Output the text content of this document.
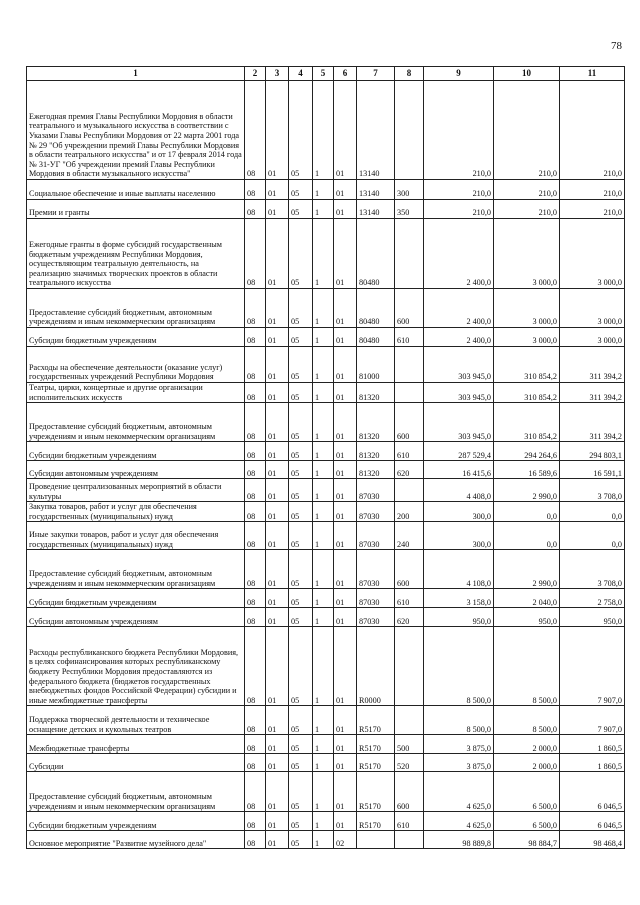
78
1	2	3	4	5	6	7	8	9	10	11
Ежегодная премия Главы Республики Мордовия в области театрального и музыкального искусства в соответствии с Указами Главы Республики Мордовия от 22 марта 2001 года № 29 "Об учреждении премий Главы Республики Мордовия в области театрального искусства" и от 17 февраля 2014 года № 31-УГ "Об учреждении премий Главы Республики Мордовия в области музыкального искусства"	08	01	05	1	01	13140		210,0	210,0	210,0
Социальное обеспечение и иные выплаты населению	08	01	05	1	01	13140	300	210,0	210,0	210,0
Премии и гранты	08	01	05	1	01	13140	350	210,0	210,0	210,0
Ежегодные гранты в форме субсидий государственным бюджетным учреждениям Республики Мордовия, осуществляющим театральную деятельность, на реализацию значимых творческих проектов в области театрального искусства	08	01	05	1	01	80480		2 400,0	3 000,0	3 000,0
Предоставление субсидий бюджетным, автономным учреждениям и иным некоммерческим организациям	08	01	05	1	01	80480	600	2 400,0	3 000,0	3 000,0
Субсидии бюджетным учреждениям	08	01	05	1	01	80480	610	2 400,0	3 000,0	3 000,0
Расходы на обеспечение деятельности (оказание услуг) государственных учреждений Республики Мордовия	08	01	05	1	01	81000		303 945,0	310 854,2	311 394,2
Театры, цирки, концертные и другие организации исполнительских искусств	08	01	05	1	01	81320		303 945,0	310 854,2	311 394,2
Предоставление субсидий бюджетным, автономным учреждениям и иным некоммерческим организациям	08	01	05	1	01	81320	600	303 945,0	310 854,2	311 394,2
Субсидии бюджетным учреждениям	08	01	05	1	01	81320	610	287 529,4	294 264,6	294 803,1
Субсидии автономным учреждениям	08	01	05	1	01	81320	620	16 415,6	16 589,6	16 591,1
Проведение централизованных мероприятий в области культуры	08	01	05	1	01	87030		4 408,0	2 990,0	3 708,0
Закупка товаров, работ и услуг для обеспечения государственных (муниципальных) нужд	08	01	05	1	01	87030	200	300,0	0,0	0,0
Иные закупки товаров, работ и услуг для обеспечения государственных (муниципальных) нужд	08	01	05	1	01	87030	240	300,0	0,0	0,0
Предоставление субсидий бюджетным, автономным учреждениям и иным некоммерческим организациям	08	01	05	1	01	87030	600	4 108,0	2 990,0	3 708,0
Субсидии бюджетным учреждениям	08	01	05	1	01	87030	610	3 158,0	2 040,0	2 758,0
Субсидии автономным учреждениям	08	01	05	1	01	87030	620	950,0	950,0	950,0
Расходы республиканского бюджета Республики Мордовия, в целях софинансирования которых республиканскому бюджету Республики Мордовия предоставляются из федерального бюджета (бюджетов государственных внебюджетных фондов Российской Федерации) субсидии и иные межбюджетные трансферты	08	01	05	1	01	R0000		8 500,0	8 500,0	7 907,0
Поддержка творческой деятельности и техническое оснащение детских и кукольных театров	08	01	05	1	01	R5170		8 500,0	8 500,0	7 907,0
Межбюджетные трансферты	08	01	05	1	01	R5170	500	3 875,0	2 000,0	1 860,5
Субсидии	08	01	05	1	01	R5170	520	3 875,0	2 000,0	1 860,5
Предоставление субсидий бюджетным, автономным учреждениям и иным некоммерческим организациям	08	01	05	1	01	R5170	600	4 625,0	6 500,0	6 046,5
Субсидии бюджетным учреждениям	08	01	05	1	01	R5170	610	4 625,0	6 500,0	6 046,5
Основное мероприятие "Развитие музейного дела"	08	01	05	1	02			98 889,8	98 884,7	98 468,4
